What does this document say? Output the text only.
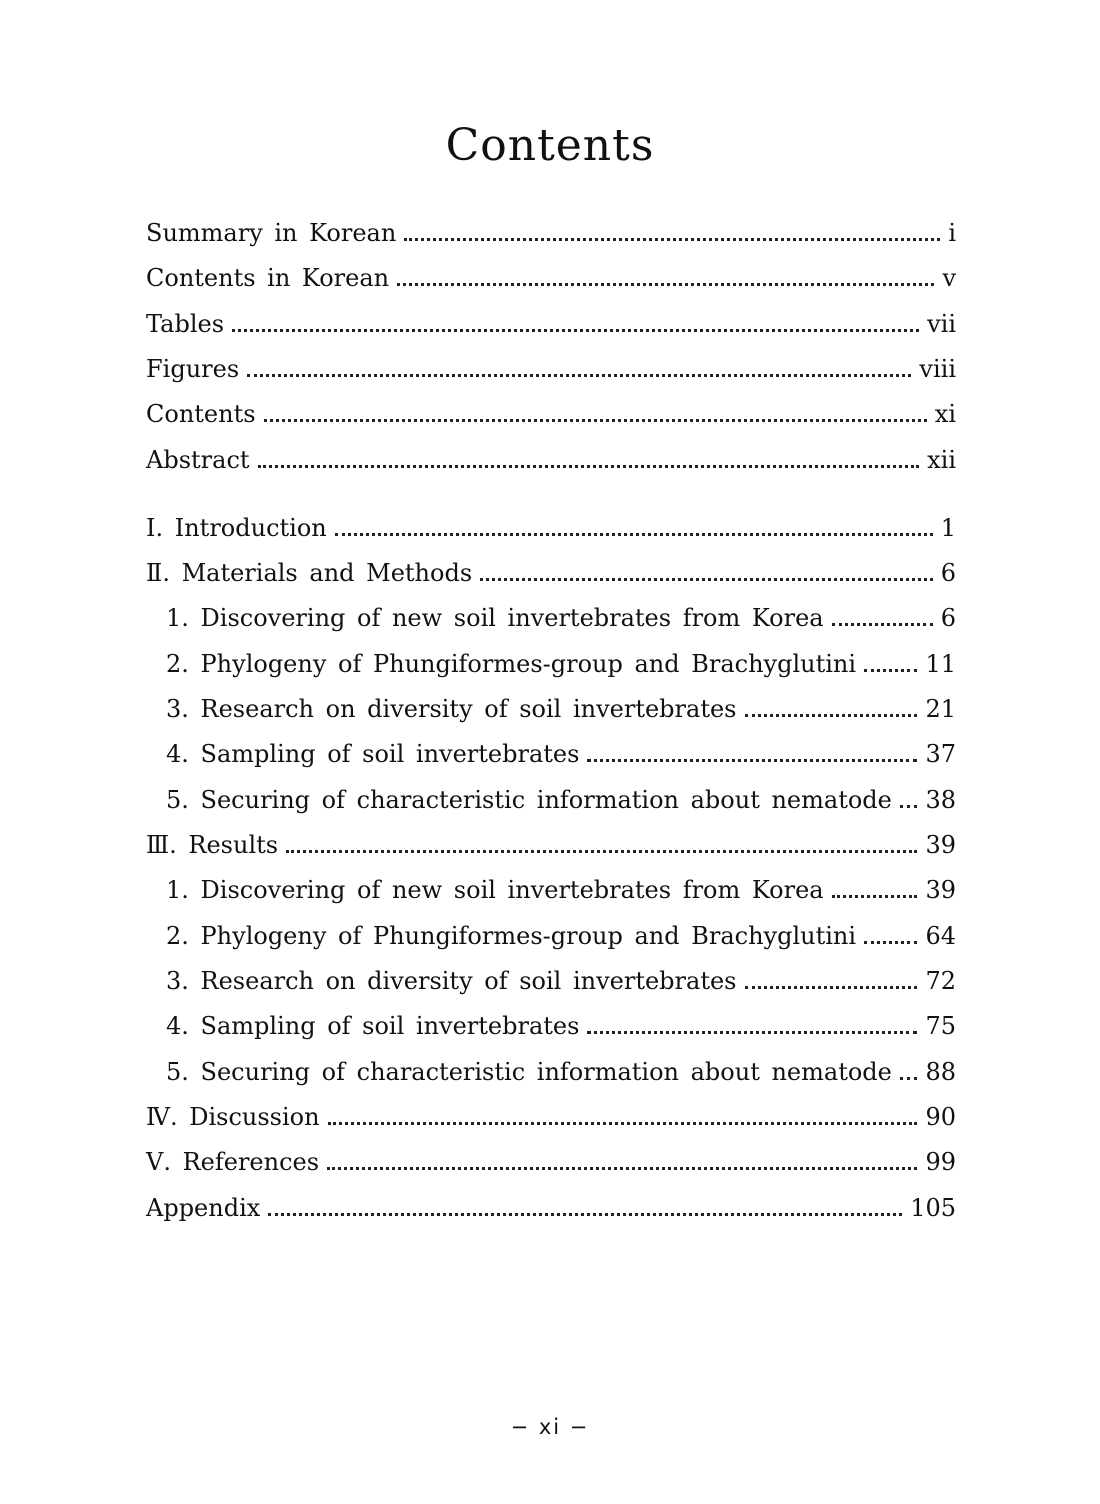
Contents
Summary in Korean	i
Contents in Korean	v
Tables	vii
Figures	viii
Contents	xi
Abstract	xii
Ⅰ. Introduction	1
Ⅱ. Materials and Methods	6
1. Discovering of new soil invertebrates from Korea	6
2. Phylogeny of Phungiformes-group and Brachyglutini	11
3. Research on diversity of soil invertebrates	21
4. Sampling of soil invertebrates	37
5. Securing of characteristic information about nematode	38
Ⅲ. Results	39
1. Discovering of new soil invertebrates from Korea	39
2. Phylogeny of Phungiformes-group and Brachyglutini	64
3. Research on diversity of soil invertebrates	72
4. Sampling of soil invertebrates	75
5. Securing of characteristic information about nematode	88
Ⅳ. Discussion	90
Ⅴ. References	99
Appendix	105
− xi −
